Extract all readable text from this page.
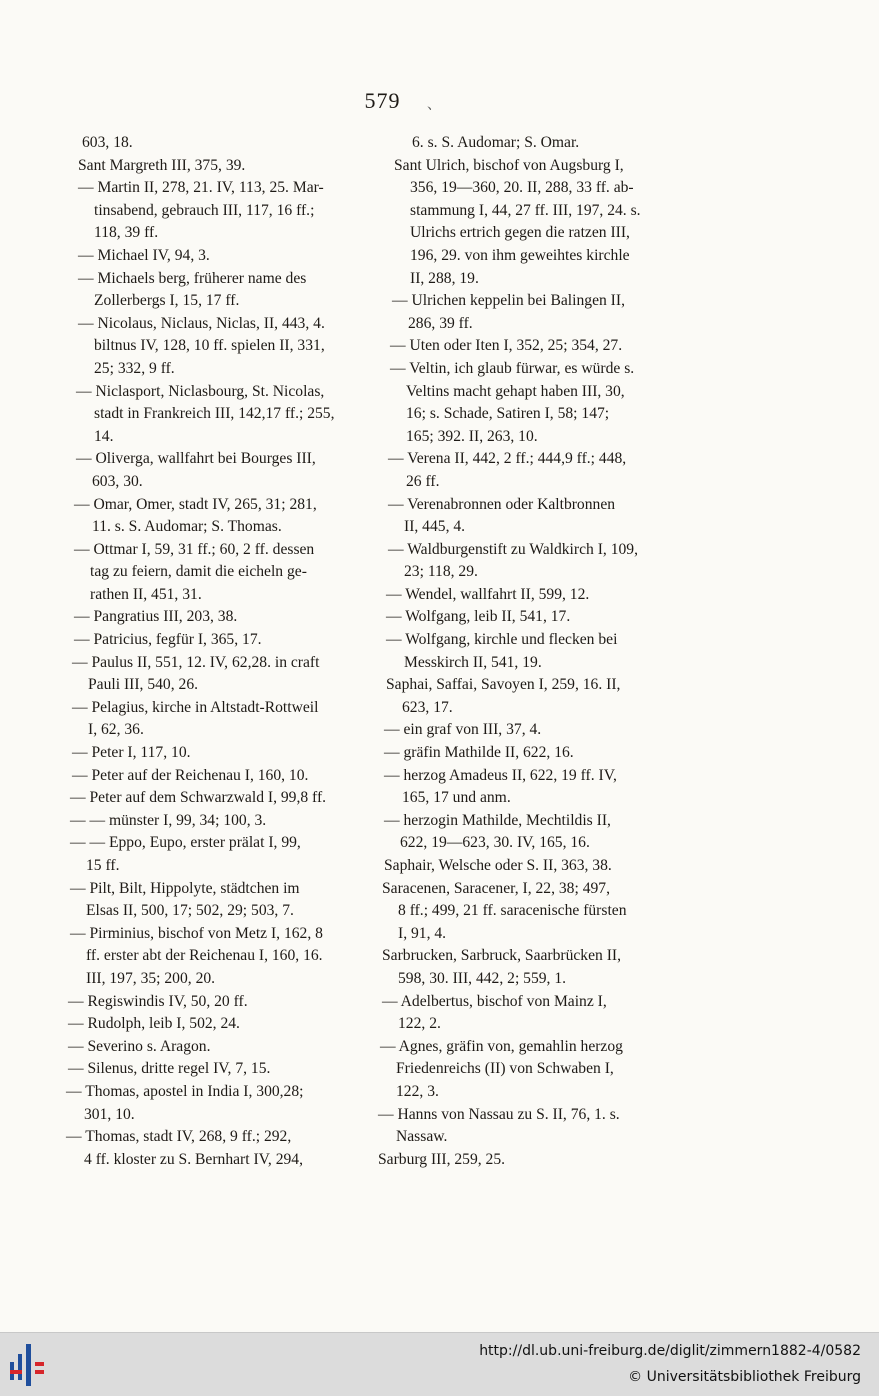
579	、
603, 18.
Sant Margreth III, 375, 39.
— Martin II, 278, 21. IV, 113, 25. Mar-
tinsabend, gebrauch III, 117, 16 ff.;
118, 39 ff.
— Michael IV, 94, 3.
— Michaels berg, früherer name des
Zollerbergs I, 15, 17 ff.
— Nicolaus, Niclaus, Niclas, II, 443, 4.
biltnus IV, 128, 10 ff. spielen II, 331,
25; 332, 9 ff.
— Niclasport, Niclasbourg, St. Nicolas,
stadt in Frankreich III, 142,17 ff.; 255,
14.
— Oliverga, wallfahrt bei Bourges III,
603, 30.
— Omar, Omer, stadt IV, 265, 31; 281,
11. s. S. Audomar; S. Thomas.
— Ottmar I, 59, 31 ff.; 60, 2 ff. dessen
tag zu feiern, damit die eicheln ge-
rathen II, 451, 31.
— Pangratius III, 203, 38.
— Patricius, fegfür I, 365, 17.
— Paulus II, 551, 12. IV, 62,28. in craft
Pauli III, 540, 26.
— Pelagius, kirche in Altstadt-Rottweil
I, 62, 36.
— Peter I, 117, 10.
— Peter auf der Reichenau I, 160, 10.
— Peter auf dem Schwarzwald I, 99,8 ff.
— — münster I, 99, 34; 100, 3.
— — Eppo, Eupo, erster prälat I, 99,
15 ff.
— Pilt, Bilt, Hippolyte, städtchen im
Elsas II, 500, 17; 502, 29; 503, 7.
— Pirminius, bischof von Metz I, 162, 8
ff. erster abt der Reichenau I, 160, 16.
III, 197, 35; 200, 20.
— Regiswindis IV, 50, 20 ff.
— Rudolph, leib I, 502, 24.
— Severino s. Aragon.
— Silenus, dritte regel IV, 7, 15.
— Thomas, apostel in India I, 300,28;
301, 10.
— Thomas, stadt IV, 268, 9 ff.; 292,
4 ff. kloster zu S. Bernhart IV, 294,
6. s. S. Audomar; S. Omar.
Sant Ulrich, bischof von Augsburg I,
356, 19—360, 20. II, 288, 33 ff. ab-
stammung I, 44, 27 ff. III, 197, 24. s.
Ulrichs ertrich gegen die ratzen III,
196, 29. von ihm geweihtes kirchle
II, 288, 19.
— Ulrichen keppelin bei Balingen II,
286, 39 ff.
— Uten oder Iten I, 352, 25; 354, 27.
— Veltin, ich glaub fürwar, es würde s.
Veltins macht gehapt haben III, 30,
16; s. Schade, Satiren I, 58; 147;
165; 392. II, 263, 10.
— Verena II, 442, 2 ff.; 444,9 ff.; 448,
26 ff.
— Verenabronnen oder Kaltbronnen
II, 445, 4.
— Waldburgenstift zu Waldkirch I, 109,
23; 118, 29.
— Wendel, wallfahrt II, 599, 12.
— Wolfgang, leib II, 541, 17.
— Wolfgang, kirchle und flecken bei
Messkirch II, 541, 19.
Saphai, Saffai, Savoyen I, 259, 16. II,
623, 17.
— ein graf von III, 37, 4.
— gräfin Mathilde II, 622, 16.
— herzog Amadeus II, 622, 19 ff. IV,
165, 17 und anm.
— herzogin Mathilde, Mechtildis II,
622, 19—623, 30. IV, 165, 16.
Saphair, Welsche oder S. II, 363, 38.
Saracenen, Saracener, I, 22, 38; 497,
8 ff.; 499, 21 ff. saracenische fürsten
I, 91, 4.
Sarbrucken, Sarbruck, Saarbrücken II,
598, 30. III, 442, 2; 559, 1.
— Adelbertus, bischof von Mainz I,
122, 2.
— Agnes, gräfin von, gemahlin herzog
Friedenreichs (II) von Schwaben I,
122, 3.
— Hanns von Nassau zu S. II, 76, 1. s.
Nassaw.
Sarburg III, 259, 25.
http://dl.ub.uni-freiburg.de/diglit/zimmern1882-4/0582
© Universitätsbibliothek Freiburg
